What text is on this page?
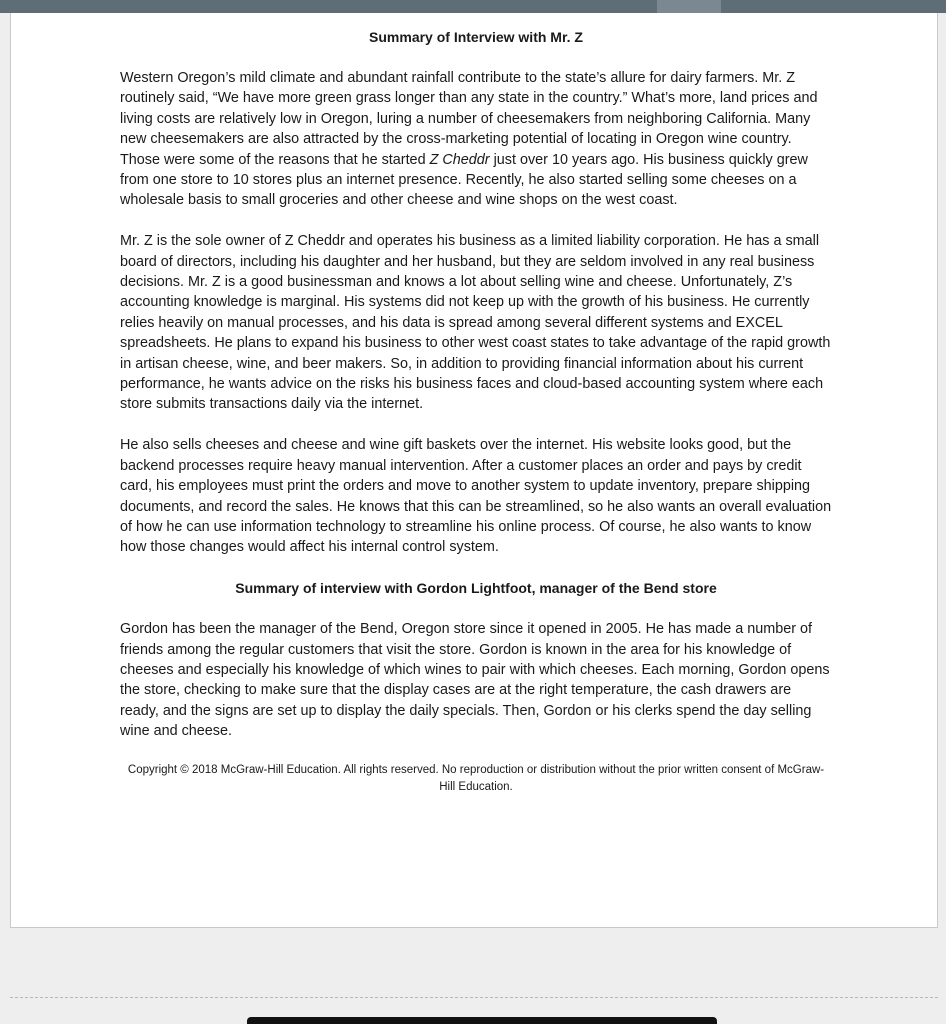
Summary of Interview with Mr. Z

Western Oregon’s mild climate and abundant rainfall contribute to the state’s allure for dairy farmers. Mr. Z routinely said, “We have more green grass longer than any state in the country.” What’s more, land prices and living costs are relatively low in Oregon, luring a number of cheesemakers from neighboring California. Many new cheesemakers are also attracted by the cross-marketing potential of locating in Oregon wine country. Those were some of the reasons that he started Z Cheddr just over 10 years ago. His business quickly grew from one store to 10 stores plus an internet presence. Recently, he also started selling some cheeses on a wholesale basis to small groceries and other cheese and wine shops on the west coast.

Mr. Z is the sole owner of Z Cheddr and operates his business as a limited liability corporation. He has a small board of directors, including his daughter and her husband, but they are seldom involved in any real business decisions. Mr. Z is a good businessman and knows a lot about selling wine and cheese. Unfortunately, Z’s accounting knowledge is marginal. His systems did not keep up with the growth of his business. He currently relies heavily on manual processes, and his data is spread among several different systems and EXCEL spreadsheets. He plans to expand his business to other west coast states to take advantage of the rapid growth in artisan cheese, wine, and beer makers. So, in addition to providing financial information about his current performance, he wants advice on the risks his business faces and cloud-based accounting system where each store submits transactions daily via the internet.

He also sells cheeses and cheese and wine gift baskets over the internet. His website looks good, but the backend processes require heavy manual intervention. After a customer places an order and pays by credit card, his employees must print the orders and move to another system to update inventory, prepare shipping documents, and record the sales. He knows that this can be streamlined, so he also wants an overall evaluation of how he can use information technology to streamline his online process. Of course, he also wants to know how those changes would affect his internal control system.

Summary of interview with Gordon Lightfoot, manager of the Bend store

Gordon has been the manager of the Bend, Oregon store since it opened in 2005. He has made a number of friends among the regular customers that visit the store. Gordon is known in the area for his knowledge of cheeses and especially his knowledge of which wines to pair with which cheeses. Each morning, Gordon opens the store, checking to make sure that the display cases are at the right temperature, the cash drawers are ready, and the signs are set up to display the daily specials. Then, Gordon or his clerks spend the day selling wine and cheese.

Copyright © 2018 McGraw-Hill Education. All rights reserved. No reproduction or distribution without the prior written consent of McGraw-Hill Education.
